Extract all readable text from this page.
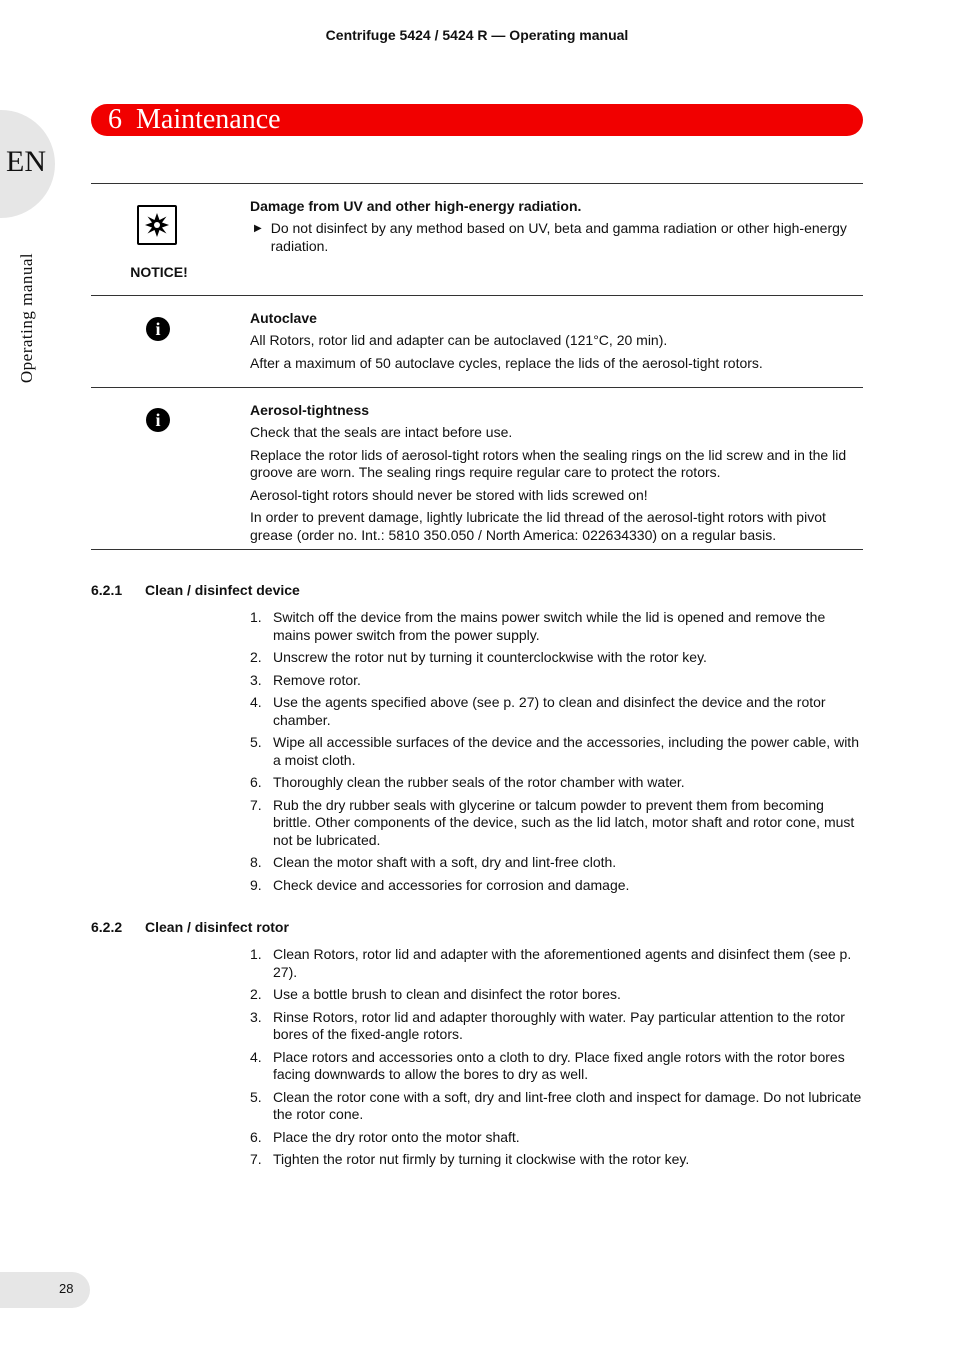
Centrifuge 5424 / 5424 R — Operating manual
EN
Operating manual
6 Maintenance
NOTICE!
Damage from UV and other high-energy radiation.
▶ Do not disinfect by any method based on UV, beta and gamma radiation or other high-energy radiation.
i
Autoclave

All Rotors, rotor lid and adapter can be autoclaved (121°C, 20 min).

After a maximum of 50 autoclave cycles, replace the lids of the aerosol-tight rotors.

i	Aerosol-tightness

Check that the seals are intact before use.

Replace the rotor lids of aerosol-tight rotors when the sealing rings on the lid screw and in the lid groove are worn. The sealing rings require regular care to protect the rotors.

Aerosol-tight rotors should never be stored with lids screwed on!

In order to prevent damage, lightly lubricate the lid thread of the aerosol-tight rotors with pivot grease (order no. Int.: 5810 350.050 / North America: 022634330) on a regular basis.

6.2.1 Clean / disinfect device
1. Switch off the device from the mains power switch while the lid is opened and remove the mains power switch from the power supply.
2. Unscrew the rotor nut by turning it counterclockwise with the rotor key.
3. Remove rotor.
4. Use the agents specified above (see p. 27) to clean and disinfect the device and the rotor chamber.
5. Wipe all accessible surfaces of the device and the accessories, including the power cable, with a moist cloth.
6. Thoroughly clean the rubber seals of the rotor chamber with water.
7. Rub the dry rubber seals with glycerine or talcum powder to prevent them from becoming brittle. Other components of the device, such as the lid latch, motor shaft and rotor cone, must not be lubricated.
8. Clean the motor shaft with a soft, dry and lint-free cloth.
9. Check device and accessories for corrosion and damage.
6.2.2 Clean / disinfect rotor
1. Clean Rotors, rotor lid and adapter with the aforementioned agents and disinfect them (see p. 27).
2. Use a bottle brush to clean and disinfect the rotor bores.
3. Rinse Rotors, rotor lid and adapter thoroughly with water. Pay particular attention to the rotor bores of the fixed-angle rotors.
4. Place rotors and accessories onto a cloth to dry. Place fixed angle rotors with the rotor bores facing downwards to allow the bores to dry as well.
5. Clean the rotor cone with a soft, dry and lint-free cloth and inspect for damage. Do not lubricate the rotor cone.
6. Place the dry rotor onto the motor shaft.
7. Tighten the rotor nut firmly by turning it clockwise with the rotor key.
28
